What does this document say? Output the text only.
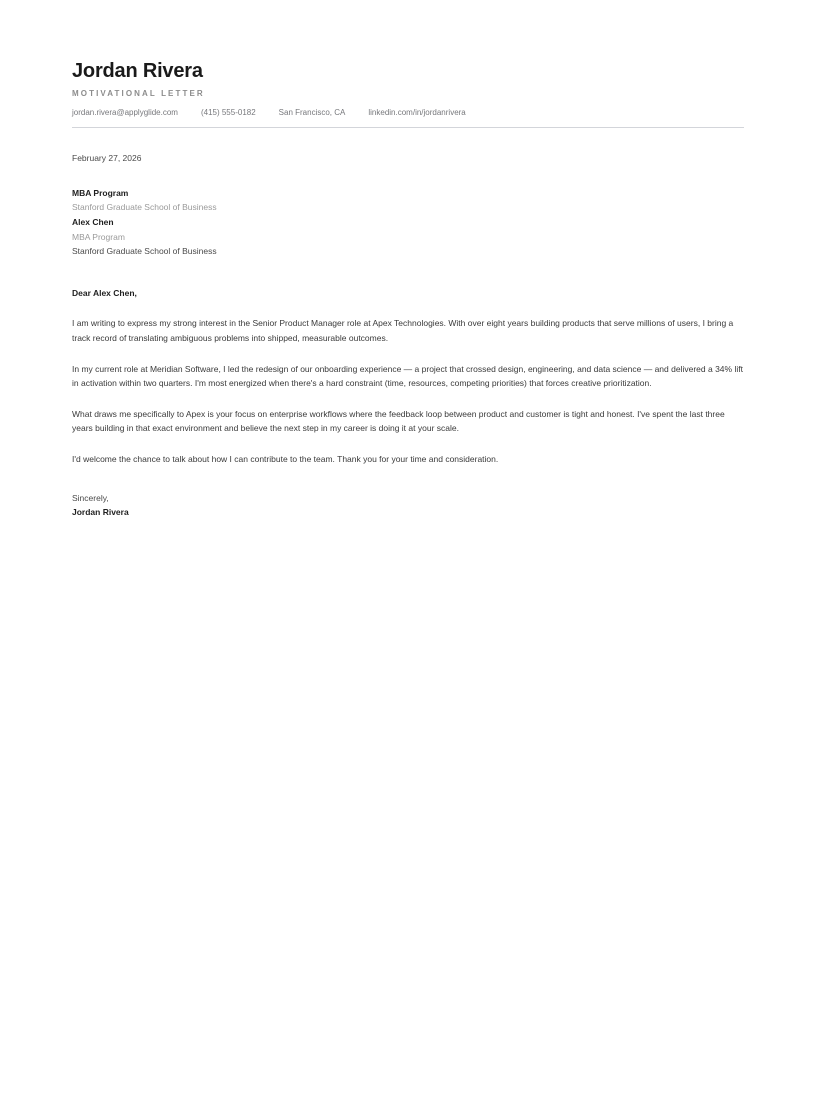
Jordan Rivera
MOTIVATIONAL LETTER
jordan.rivera@applyglide.com	(415) 555-0182	San Francisco, CA	linkedin.com/in/jordanrivera
February 27, 2026
MBA Program
Stanford Graduate School of Business
Alex Chen
MBA Program
Stanford Graduate School of Business
Dear Alex Chen,

I am writing to express my strong interest in the Senior Product Manager role at Apex Technologies. With over eight years building products that serve millions of users, I bring a track record of translating ambiguous problems into shipped, measurable outcomes.

In my current role at Meridian Software, I led the redesign of our onboarding experience — a project that crossed design, engineering, and data science — and delivered a 34% lift in activation within two quarters. I'm most energized when there's a hard constraint (time, resources, competing priorities) that forces creative prioritization.

What draws me specifically to Apex is your focus on enterprise workflows where the feedback loop between product and customer is tight and honest. I've spent the last three years building in that exact environment and believe the next step in my career is doing it at your scale.

I'd welcome the chance to talk about how I can contribute to the team. Thank you for your time and consideration.

Sincerely,
Jordan Rivera
